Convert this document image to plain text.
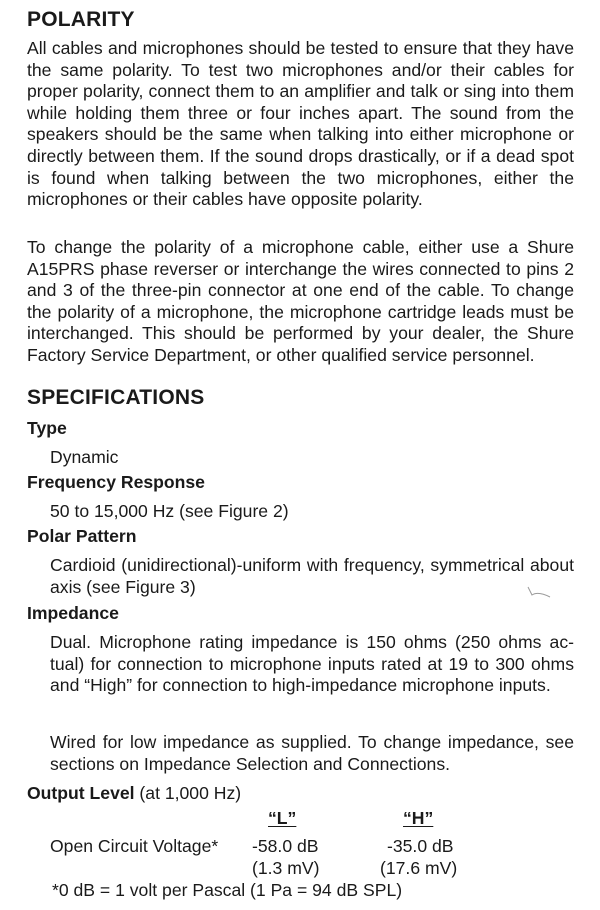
POLARITY

All cables and microphones should be tested to ensure that they have the same polarity. To test two microphones and/or their cables for proper polarity, connect them to an amplifier and talk or sing into them while holding them three or four inches apart. The sound from the speakers should be the same when talking into either microphone or directly between them. If the sound drops drastically, or if a dead spot is found when talking between the two microphones, either the microphones or their cables have opposite polarity.

To change the polarity of a microphone cable, either use a Shure A15PRS phase reverser or interchange the wires connected to pins 2 and 3 of the three-pin connector at one end of the cable. To change the polarity of a microphone, the microphone cartridge leads must be interchanged. This should be performed by your dealer, the Shure Factory Service Department, or other qualified service personnel.

SPECIFICATIONS
Type
Dynamic
Frequency Response
50 to 15,000 Hz (see Figure 2)
Polar Pattern
Cardioid (unidirectional)-uniform with frequency, symmetrical about axis (see Figure 3)
Impedance
Dual. Microphone rating impedance is 150 ohms (250 ohms ac-tual) for connection to microphone inputs rated at 19 to 300 ohms and “High” for connection to high-impedance microphone inputs.
Wired for low impedance as supplied. To change impedance, see sections on Impedance Selection and Connections.
Output Level (at 1,000 Hz)
“L”	“H”
Open Circuit Voltage* -58.0 dB	-35.0 dB
(1.3 mV)	(17.6 mV)
*0 dB = 1 volt per Pascal (1 Pa = 94 dB SPL)
